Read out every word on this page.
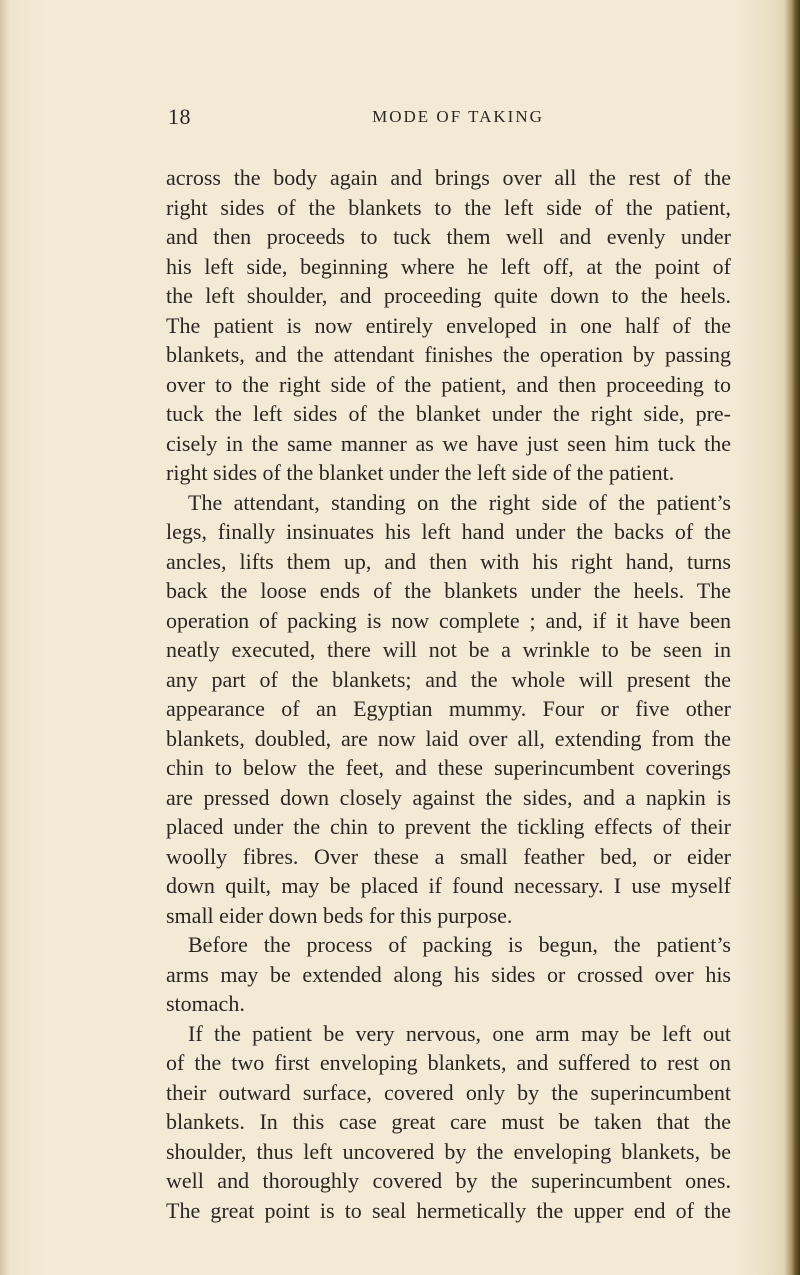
18	MODE OF TAKING
across the body again and brings over all the rest of the
right sides of the blankets to the left side of the patient,
and then proceeds to tuck them well and evenly under
his left side, beginning where he left off, at the point of
the left shoulder, and proceeding quite down to the heels.
The patient is now entirely enveloped in one half of the
blankets, and the attendant finishes the operation by passing
over to the right side of the patient, and then proceeding to
tuck the left sides of the blanket under the right side, pre-
cisely in the same manner as we have just seen him tuck the
right sides of the blanket under the left side of the patient.
The attendant, standing on the right side of the patient’s
legs, finally insinuates his left hand under the backs of the
ancles, lifts them up, and then with his right hand, turns
back the loose ends of the blankets under the heels. The
operation of packing is now complete ; and, if it have been
neatly executed, there will not be a wrinkle to be seen in
any part of the blankets; and the whole will present the
appearance of an Egyptian mummy. Four or five other
blankets, doubled, are now laid over all, extending from the
chin to below the feet, and these superincumbent coverings
are pressed down closely against the sides, and a napkin is
placed under the chin to prevent the tickling effects of their
woolly fibres. Over these a small feather bed, or eider
down quilt, may be placed if found necessary. I use myself
small eider down beds for this purpose.
Before the process of packing is begun, the patient’s
arms may be extended along his sides or crossed over his
stomach.
If the patient be very nervous, one arm may be left out
of the two first enveloping blankets, and suffered to rest on
their outward surface, covered only by the superincumbent
blankets. In this case great care must be taken that the
shoulder, thus left uncovered by the enveloping blankets, be
well and thoroughly covered by the superincumbent ones.
The great point is to seal hermetically the upper end of the
